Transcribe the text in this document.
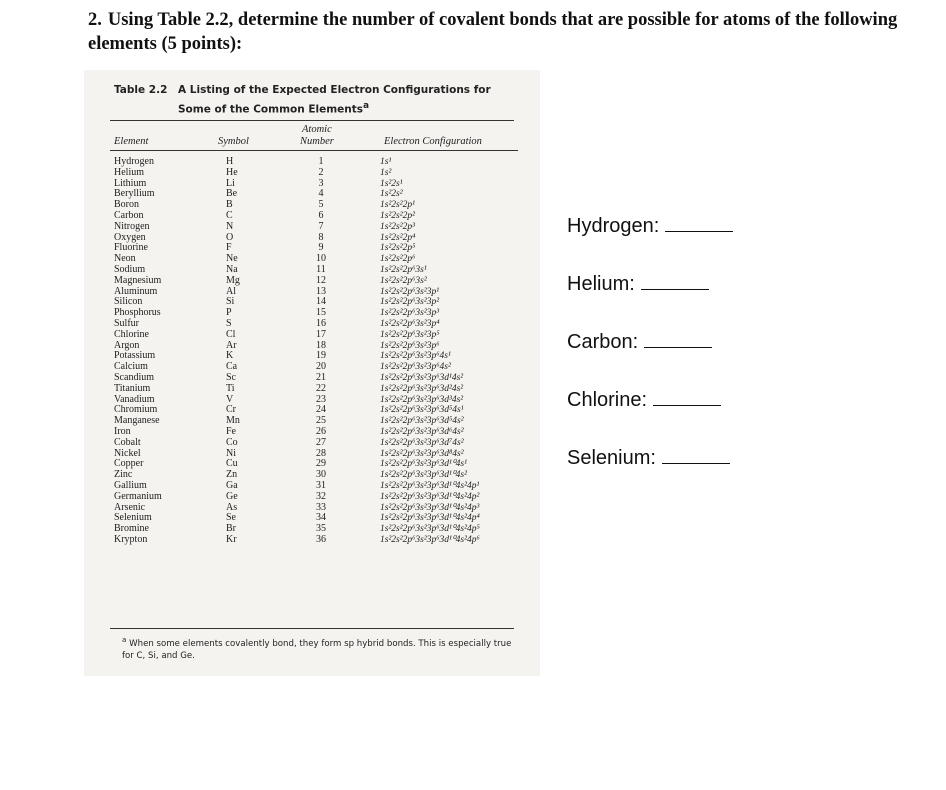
2. Using Table 2.2, determine the number of covalent bonds that are possible for atoms of the following elements (5 points):
Table 2.2 A Listing of the Expected Electron Configurations for
Some of the Common Elements$^a$
Element	Symbol
Atomic
Number	Electron Configuration
Hydrogen	H	1	1s¹
Helium	He	2	1s²
Lithium	Li	3	1s²2s¹
Beryllium	Be	4	1s²2s²
Boron	B	5	1s²2s²2p¹
Carbon	C	6	1s²2s²2p²
Nitrogen	N	7	1s²2s²2p³
Oxygen	O	8	1s²2s²2p⁴
Fluorine	F	9	1s²2s²2p⁵
Neon	Ne	10	1s²2s²2p⁶
Sodium	Na	11	1s²2s²2p⁶3s¹
Magnesium	Mg	12	1s²2s²2p⁶3s²
Aluminum	Al	13	1s²2s²2p⁶3s²3p¹
Silicon	Si	14	1s²2s²2p⁶3s²3p²
Phosphorus	P	15	1s²2s²2p⁶3s²3p³
Sulfur	S	16	1s²2s²2p⁶3s²3p⁴
Chlorine	Cl	17	1s²2s²2p⁶3s²3p⁵
Argon	Ar	18	1s²2s²2p⁶3s²3p⁶
Potassium	K	19	1s²2s²2p⁶3s²3p⁶4s¹
Calcium	Ca	20	1s²2s²2p⁶3s²3p⁶4s²
Scandium	Sc	21	1s²2s²2p⁶3s²3p⁶3d¹4s²
Titanium	Ti	22	1s²2s²2p⁶3s²3p⁶3d²4s²
Vanadium	V	23	1s²2s²2p⁶3s²3p⁶3d³4s²
Chromium	Cr	24	1s²2s²2p⁶3s²3p⁶3d⁵4s¹
Manganese	Mn	25	1s²2s²2p⁶3s²3p⁶3d⁵4s²
Iron	Fe	26	1s²2s²2p⁶3s²3p⁶3d⁶4s²
Cobalt	Co	27	1s²2s²2p⁶3s²3p⁶3d⁷4s²
Nickel	Ni	28	1s²2s²2p⁶3s²3p⁶3d⁸4s²
Copper	Cu	29	1s²2s²2p⁶3s²3p⁶3d¹⁰4s¹
Zinc	Zn	30	1s²2s²2p⁶3s²3p⁶3d¹⁰4s²
Gallium	Ga	31	1s²2s²2p⁶3s²3p⁶3d¹⁰4s²4p¹
Germanium	Ge	32	1s²2s²2p⁶3s²3p⁶3d¹⁰4s²4p²
Arsenic	As	33	1s²2s²2p⁶3s²3p⁶3d¹⁰4s²4p³
Selenium	Se	34	1s²2s²2p⁶3s²3p⁶3d¹⁰4s²4p⁴
Bromine	Br	35	1s²2s²2p⁶3s²3p⁶3d¹⁰4s²4p⁵
Krypton	Kr	36	1s²2s²2p⁶3s²3p⁶3d¹⁰4s²4p⁶
$^a$ When some elements covalently bond, they form sp hybrid bonds. This is especially true for C, Si, and Ge.
Hydrogen:
Helium:
Carbon:
Chlorine:
Selenium:
